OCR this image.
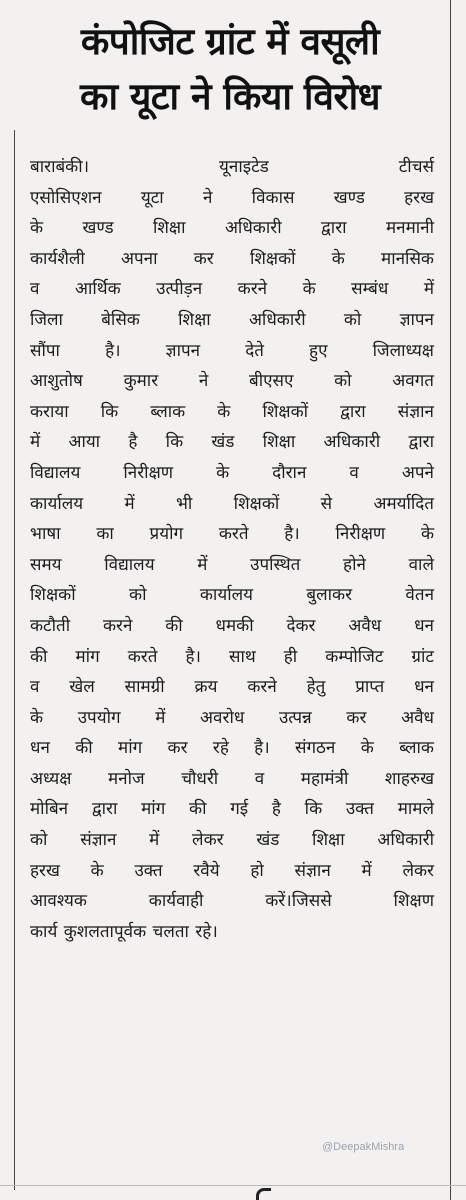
कंपोजिट ग्रांट में वसूली
का यूटा ने किया विरोध
बाराबंकी। यूनाइटेड टीचर्स
एसोसिएशन यूटा ने विकास खण्ड हरख
के खण्ड शिक्षा अधिकारी द्वारा मनमानी
कार्यशैली अपना कर शिक्षकों के मानसिक
व आर्थिक उत्पीड़न करने के सम्बंध में
जिला बेसिक शिक्षा अधिकारी को ज्ञापन
सौंपा है। ज्ञापन देते हुए जिलाध्यक्ष
आशुतोष कुमार ने बीएसए को अवगत
कराया कि ब्लाक के शिक्षकों द्वारा संज्ञान
में आया है कि खंड शिक्षा अधिकारी द्वारा
विद्यालय निरीक्षण के दौरान व अपने
कार्यालय में भी शिक्षकों से अमर्यादित
भाषा का प्रयोग करते है। निरीक्षण के
समय विद्यालय में उपस्थित होने वाले
शिक्षकों को कार्यालय बुलाकर वेतन
कटौती करने की धमकी देकर अवैध धन
की मांग करते है। साथ ही कम्पोजिट ग्रांट
व खेल सामग्री क्रय करने हेतु प्राप्त धन
के उपयोग में अवरोध उत्पन्न कर अवैध
धन की मांग कर रहे है। संगठन के ब्लाक
अध्यक्ष मनोज चौधरी व महामंत्री शाहरुख
मोबिन द्वारा मांग की गई है कि उक्त मामले
को संज्ञान में लेकर खंड शिक्षा अधिकारी
हरख के उक्त रवैये हो संज्ञान में लेकर
आवश्यक कार्यवाही करें।जिससे शिक्षण
कार्य कुशलतापूर्वक चलता रहे।
@DeepakMishra
